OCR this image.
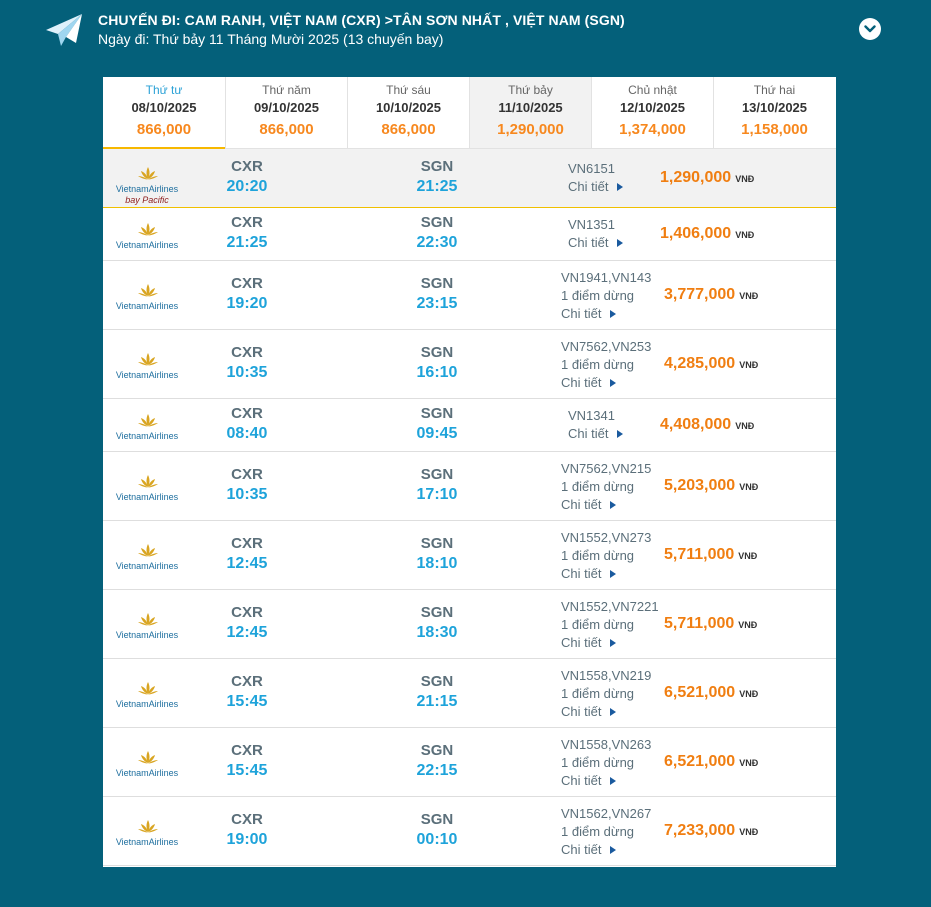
CHUYẾN ĐI: CAM RANH, VIỆT NAM (CXR) >TÂN SƠN NHẤT , VIỆT NAM (SGN)
Ngày đi: Thứ bảy 11 Tháng Mười 2025 (13 chuyến bay)
Thứ tư
08/10/2025
866,000
Thứ năm
09/10/2025
866,000
Thứ sáu
10/10/2025
866,000
Thứ bảy
11/10/2025
1,290,000
Chủ nhật
12/10/2025
1,374,000
Thứ hai
13/10/2025
1,158,000
VietnamAirlines
bay Pacific
CXR
20:20
SGN
21:25
VN6151
Chi tiết
1,290,000 VNĐ
VietnamAirlines
CXR
21:25
SGN
22:30
VN1351
Chi tiết
1,406,000 VNĐ
VietnamAirlines
CXR
19:20
SGN
23:15
VN1941,VN143
1 điểm dừng
Chi tiết
3,777,000 VNĐ
VietnamAirlines
CXR
10:35
SGN
16:10
VN7562,VN253
1 điểm dừng
Chi tiết
4,285,000 VNĐ
VietnamAirlines
CXR
08:40
SGN
09:45
VN1341
Chi tiết
4,408,000 VNĐ
VietnamAirlines
CXR
10:35
SGN
17:10
VN7562,VN215
1 điểm dừng
Chi tiết
5,203,000 VNĐ
VietnamAirlines
CXR
12:45
SGN
18:10
VN1552,VN273
1 điểm dừng
Chi tiết
5,711,000 VNĐ
VietnamAirlines
CXR
12:45
SGN
18:30
VN1552,VN7221
1 điểm dừng
Chi tiết
5,711,000 VNĐ
VietnamAirlines
CXR
15:45
SGN
21:15
VN1558,VN219
1 điểm dừng
Chi tiết
6,521,000 VNĐ
VietnamAirlines
CXR
15:45
SGN
22:15
VN1558,VN263
1 điểm dừng
Chi tiết
6,521,000 VNĐ
VietnamAirlines
CXR
19:00
SGN
00:10
VN1562,VN267
1 điểm dừng
Chi tiết
7,233,000 VNĐ
